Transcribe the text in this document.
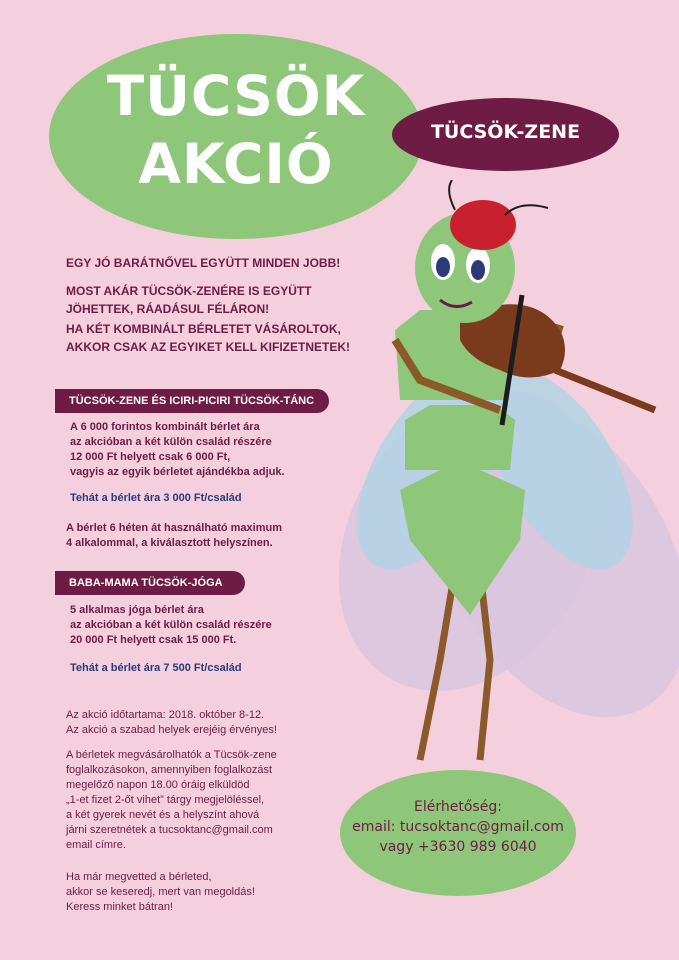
TÜCSÖK
AKCIÓ	TÜCSÖK-ZENE
EGY JÓ BARÁTNŐVEL EGYÜTT MINDEN JOBB!
MOST AKÁR TÜCSÖK-ZENÉRE IS EGYÜTT
JÖHETTEK, RÁADÁSUL FÉLÁRON!
HA KÉT KOMBINÁLT BÉRLETET VÁSÁROLTOK,
AKKOR CSAK AZ EGYIKET KELL KIFIZETNETEK!
TÜCSÖK-ZENE ÉS ICIRI-PICIRI TÜCSÖK-TÁNC
A 6 000 forintos kombinált bérlet ára
az akcióban a két külön család részére
12 000 Ft helyett csak 6 000 Ft,
vagyis az egyik bérletet ajándékba adjuk.
Tehát a bérlet ára 3 000 Ft/család
A bérlet 6 héten át használható maximum
4 alkalommal, a kiválasztott helyszínen.
BABA-MAMA TÜCSÖK-JÓGA
5 alkalmas jóga bérlet ára
az akcióban a két külön család részére
20 000 Ft helyett csak 15 000 Ft.
Tehát a bérlet ára 7 500 Ft/család
Az akció időtartama: 2018. október 8-12.
Az akció a szabad helyek erejéig érvényes!
A bérletek megvásárolhatók a Tücsök-zene
foglalkozásokon, amennyiben foglalkozást
megelőző napon 18.00 óráig elküldöd
„1-et fizet 2-őt vihet” tárgy megjelöléssel,
a két gyerek nevét és a helyszínt ahová
járni szeretnétek a tucsoktanc@gmail.com
email címre.
Ha már megvetted a bérleted,
akkor se keseredj, mert van megoldás!
Keress minket bátran!
Elérhetőség:
email: tucsoktanc@gmail.com
vagy +3630 989 6040
